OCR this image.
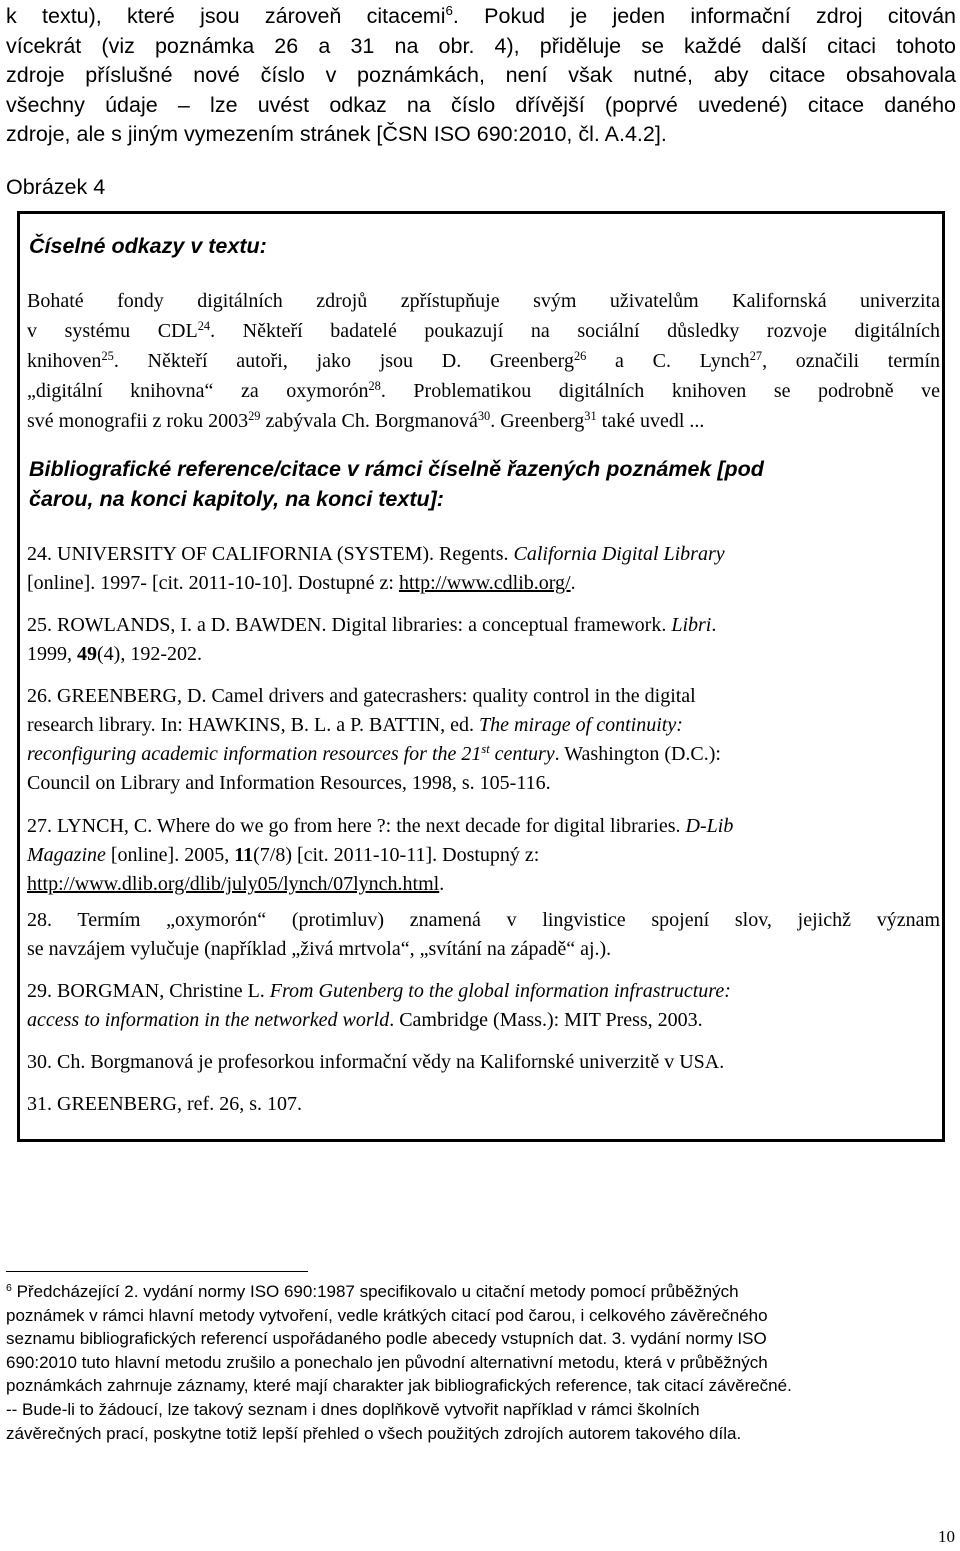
k textu), které jsou zároveň citacemi$^6$. Pokud je jeden informační zdroj citován
vícekrát (viz poznámka 26 a 31 na obr. 4), přiděluje se každé další citaci tohoto
zdroje příslušné nové číslo v poznámkách, není však nutné, aby citace obsahovala
všechny údaje – lze uvést odkaz na číslo dřívější (poprvé uvedené) citace daného
zdroje, ale s jiným vymezením stránek [ČSN ISO 690:2010, čl. A.4.2].
Obrázek 4
Číselné odkazy v textu:
Bohaté fondy digitálních zdrojů zpřístupňuje svým uživatelům Kalifornská univerzita
v systému CDL$^{24}$. Někteří badatelé poukazují na sociální důsledky rozvoje digitálních
knihoven$^{25}$. Někteří autoři, jako jsou D. Greenberg$^{26}$ a C. Lynch$^{27}$, označili termín
„digitální knihovna“ za oxymorón$^{28}$. Problematikou digitálních knihoven se podrobně ve
své monografii z roku 2003$^{29}$ zabývala Ch. Borgmanová$^{30}$. Greenberg$^{31}$ také uvedl ...
Bibliografické reference/citace v rámci číselně řazených poznámek [pod
čarou, na konci kapitoly, na konci textu]:
24. UNIVERSITY OF CALIFORNIA (SYSTEM). Regents. California Digital Library
[online]. 1997- [cit. 2011-10-10]. Dostupné z: http://www.cdlib.org/.
25. ROWLANDS, I. a D. BAWDEN. Digital libraries: a conceptual framework. Libri.
1999, 49(4), 192-202.
26. GREENBERG, D. Camel drivers and gatecrashers: quality control in the digital
research library. In: HAWKINS, B. L. a P. BATTIN, ed. The mirage of continuity:
reconfiguring academic information resources for the 21st century. Washington (D.C.):
Council on Library and Information Resources, 1998, s. 105-116.
27. LYNCH, C. Where do we go from here ?: the next decade for digital libraries. D-Lib
Magazine [online]. 2005, 11(7/8) [cit. 2011-10-11]. Dostupný z:
http://www.dlib.org/dlib/july05/lynch/07lynch.html.
28. Termím „oxymorón“ (protimluv) znamená v lingvistice spojení slov, jejichž význam
se navzájem vylučuje (například „živá mrtvola“, „svítání na západě“ aj.).
29. BORGMAN, Christine L. From Gutenberg to the global information infrastructure:
access to information in the networked world. Cambridge (Mass.): MIT Press, 2003.
30. Ch. Borgmanová je profesorkou informační vědy na Kalifornské univerzitě v USA.
31. GREENBERG, ref. 26, s. 107.
$^6$ Předcházející 2. vydání normy ISO 690:1987 specifikovalo u citační metody pomocí průběžných
poznámek v rámci hlavní metody vytvoření, vedle krátkých citací pod čarou, i celkového závěrečného
seznamu bibliografických referencí uspořádaného podle abecedy vstupních dat. 3. vydání normy ISO
690:2010 tuto hlavní metodu zrušilo a ponechalo jen původní alternativní metodu, která v průběžných
poznámkách zahrnuje záznamy, které mají charakter jak bibliografických reference, tak citací závěrečné.
-- Bude-li to žádoucí, lze takový seznam i dnes doplňkově vytvořit například v rámci školních
závěrečných prací, poskytne totiž lepší přehled o všech použitých zdrojích autorem takového díla.
10
